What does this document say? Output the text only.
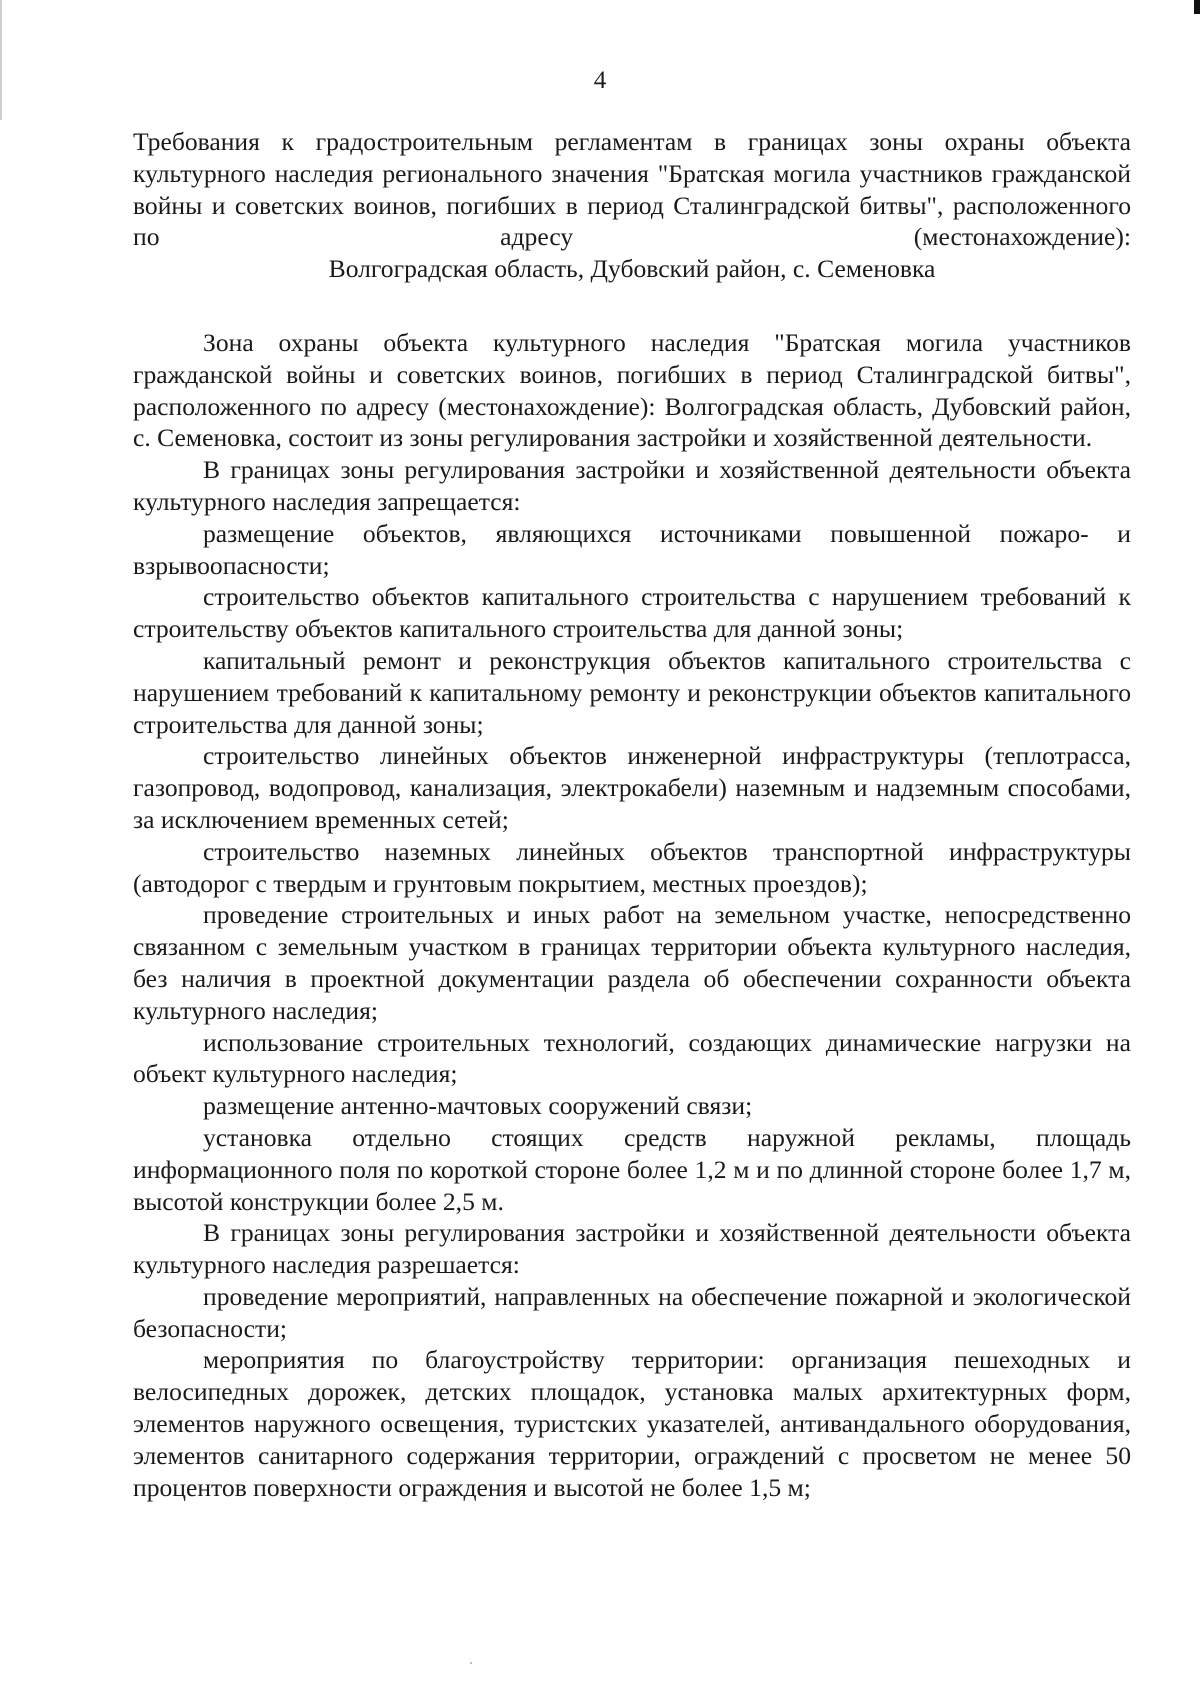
4

Требования к градостроительным регламентам в границах зоны охраны объекта культурного наследия регионального значения "Братская могила участников гражданской войны и советских воинов, погибших в период Сталинградской битвы", расположенного по адресу (местонахождение):

Волгоградская область, Дубовский район, с. Семеновка

Зона охраны объекта культурного наследия "Братская могила участников гражданской войны и советских воинов, погибших в период Сталинградской битвы", расположенного по адресу (местонахождение): Волгоградская область, Дубовский район, с. Семеновка, состоит из зоны регулирования застройки и хозяйственной деятельности.

В границах зоны регулирования застройки и хозяйственной деятельности объекта культурного наследия запрещается:

размещение объектов, являющихся источниками повышенной пожаро- и взрывоопасности;

строительство объектов капитального строительства с нарушением требований к строительству объектов капитального строительства для данной зоны;

капитальный ремонт и реконструкция объектов капитального строительства с нарушением требований к капитальному ремонту и реконструкции объектов капитального строительства для данной зоны;

строительство линейных объектов инженерной инфраструктуры (теплотрасса, газопровод, водопровод, канализация, электрокабели) наземным и надземным способами, за исключением временных сетей;

строительство наземных линейных объектов транспортной инфраструктуры (автодорог с твердым и грунтовым покрытием, местных проездов);

проведение строительных и иных работ на земельном участке, непосредственно связанном с земельным участком в границах территории объекта культурного наследия, без наличия в проектной документации раздела об обеспечении сохранности объекта культурного наследия;

использование строительных технологий, создающих динамические нагрузки на объект культурного наследия;

размещение антенно-мачтовых сооружений связи;

установка отдельно стоящих средств наружной рекламы, площадь информационного поля по короткой стороне более 1,2 м и по длинной стороне более 1,7 м, высотой конструкции более 2,5 м.

В границах зоны регулирования застройки и хозяйственной деятельности объекта культурного наследия разрешается:

проведение мероприятий, направленных на обеспечение пожарной и экологической безопасности;

мероприятия по благоустройству территории: организация пешеходных и велосипедных дорожек, детских площадок, установка малых архитектурных форм, элементов наружного освещения, туристских указателей, антивандального оборудования, элементов санитарного содержания территории, ограждений с просветом не менее 50 процентов поверхности ограждения и высотой не более 1,5 м;
